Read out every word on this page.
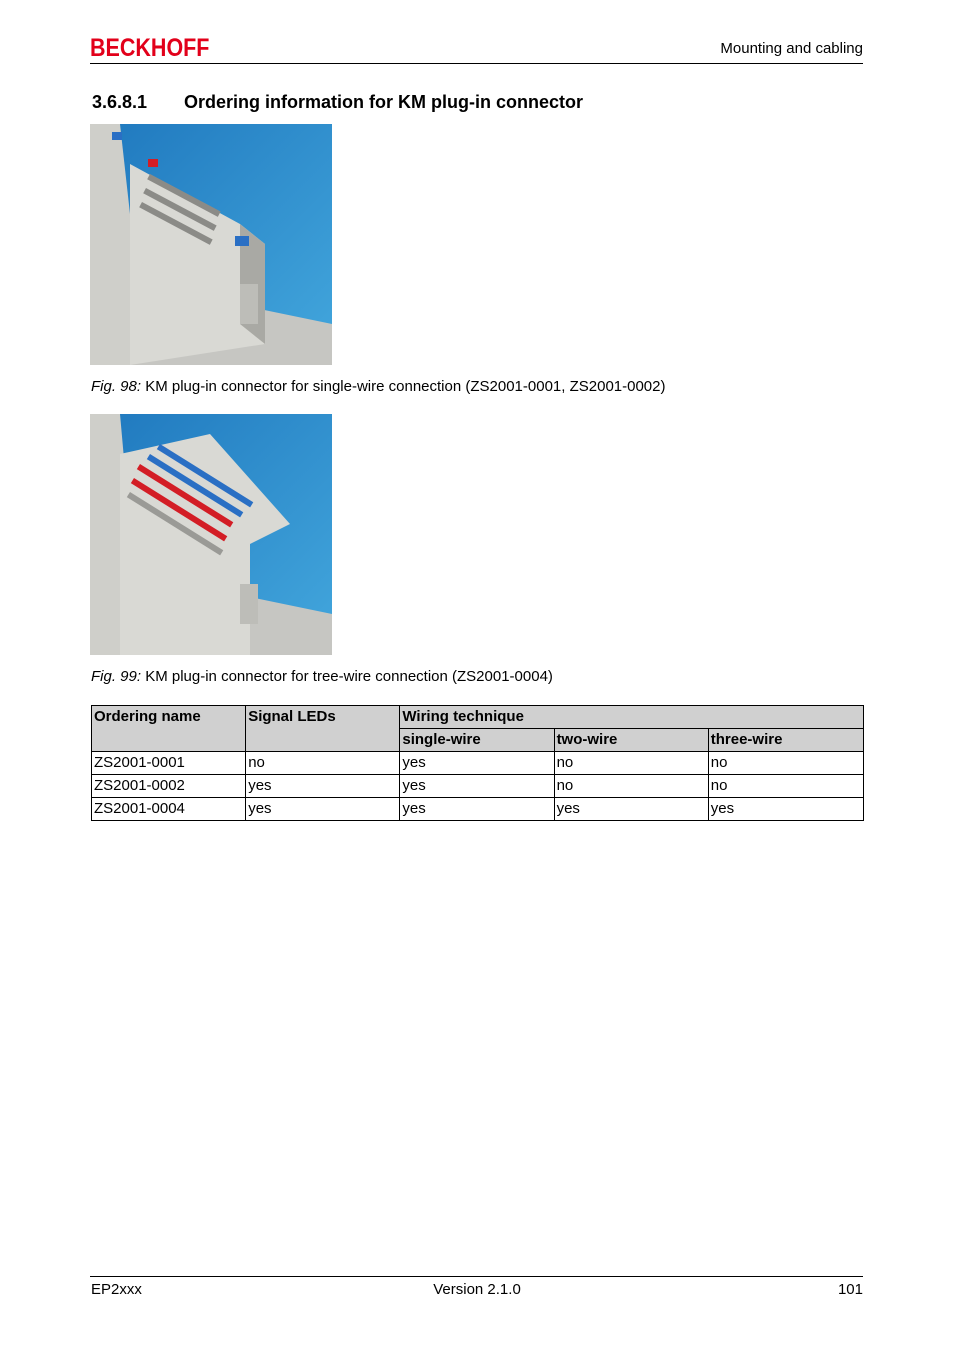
BECKHOFF	Mounting and cabling
3.6.8.1 Ordering information for KM plug-in connector
Fig. 98: KM plug-in connector for single-wire connection (ZS2001-0001, ZS2001-0002)
Fig. 99: KM plug-in connector for tree-wire connection (ZS2001-0004)
Ordering name	Signal LEDs	Wiring technique		
		single-wire	two-wire	three-wire
ZS2001-0001	no	yes	no	no
ZS2001-0002	yes	yes	no	no
ZS2001-0004	yes	yes	yes	yes
EP2xxx	Version 2.1.0	101
